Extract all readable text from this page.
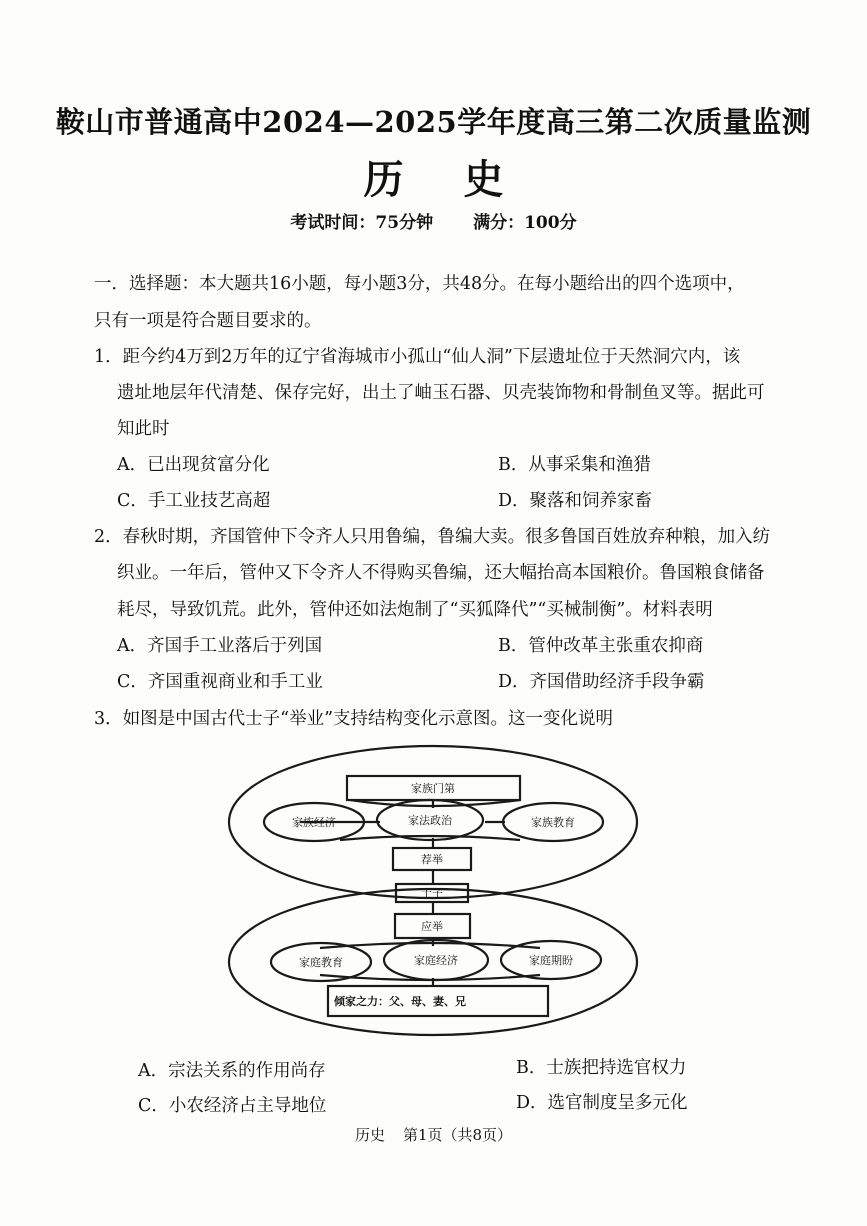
鞍山市普通高中2024—2025学年度高三第二次质量监测
历史
考试时间：75分钟 满分：100分
一．选择题：本大题共16小题，每小题3分，共48分。在每小题给出的四个选项中，
只有一项是符合题目要求的。
1．距今约4万到2万年的辽宁省海城市小孤山“仙人洞”下层遗址位于天然洞穴内，该
遗址地层年代清楚、保存完好，出土了岫玉石器、贝壳装饰物和骨制鱼叉等。据此可
知此时
A．已出现贫富分化	B．从事采集和渔猎
C．手工业技艺高超	D．聚落和饲养家畜
2．春秋时期，齐国管仲下令齐人只用鲁编，鲁编大卖。很多鲁国百姓放弃种粮，加入纺
织业。一年后，管仲又下令齐人不得购买鲁编，还大幅抬高本国粮价。鲁国粮食储备
耗尽，导致饥荒。此外，管仲还如法炮制了“买狐降代”“买械制衡”。材料表明
A．齐国手工业落后于列国	B．管仲改革主张重农抑商
C．齐国重视商业和手工业	D．齐国借助经济手段争霸
3．如图是中国古代士子“举业”支持结构变化示意图。这一变化说明
家族门第
家族经济	家法政治	家族教育
荐举
士子
应举
家庭教育	家庭经济	家庭期盼
倾家之力：父、母、妻、兄
A．宗法关系的作用尚存	B．士族把持选官权力
C．小农经济占主导地位	D．选官制度呈多元化
历史 第1页（共8页）
